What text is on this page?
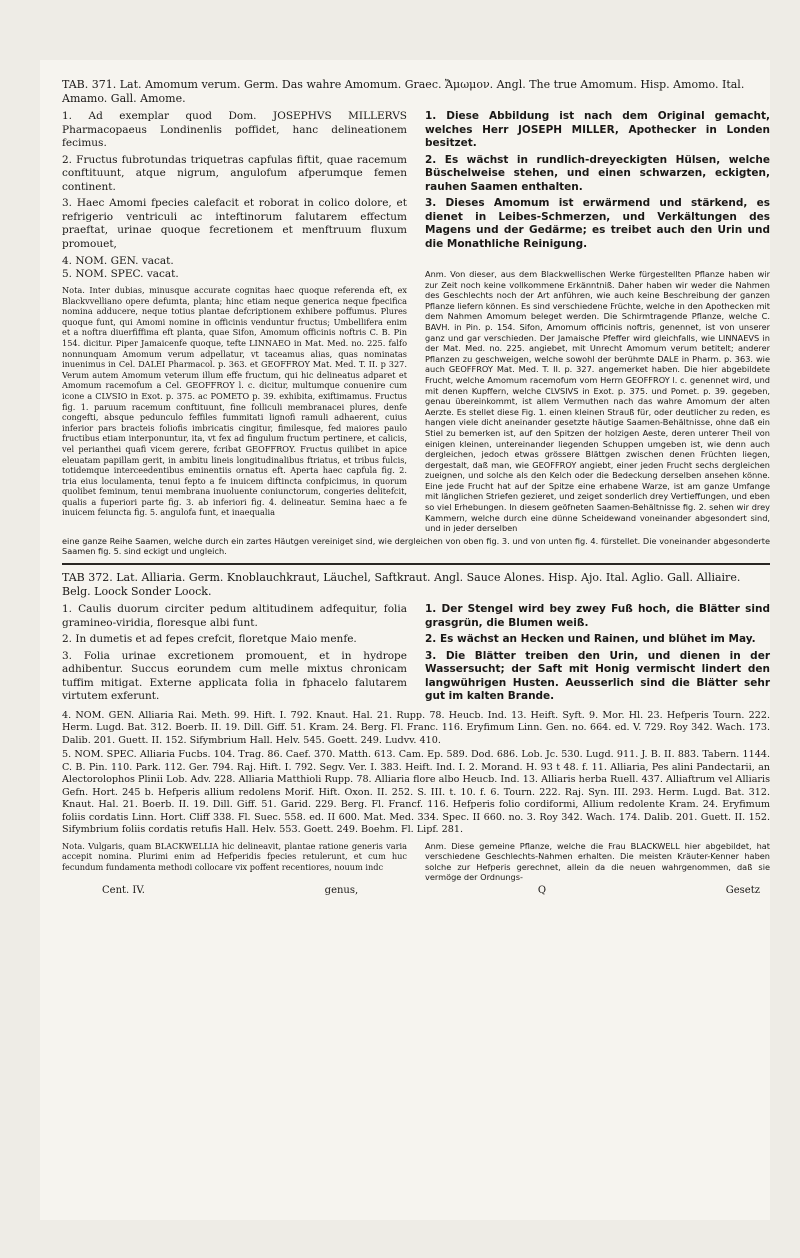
TAB. 371. Lat. Amomum verum. Germ. Das wahre Amomum. Graec. Ἄμωμον. Angl. The true Amomum. Hisp. Amomo. Ital. Amamo. Gall. Amome.

1. Ad exemplar quod Dom. JOSEPHVS MILLERVS Pharmacopaeus Londinenlis poffidet, hanc delineationem fecimus.

2. Fructus fubrotundas triquetras capfulas fiftit, quae racemum conftituunt, atque nigrum, angulofum afperumque femen continent.

3. Haec Amomi fpecies calefacit et roborat in colico dolore, et refrigerio ventriculi ac inteftinorum falutarem effectum praeftat, urinae quoque fecretionem et menftruum fluxum promouet,

4. NOM. GEN. vacat.

5. NOM. SPEC. vacat.

Nota. Inter dubias, minusque accurate cognitas haec quoque referenda eft, ex Blackvvelliano opere defumta, planta; hinc etiam neque generica neque fpecifica nomina adducere, neque totius plantae defcriptionem exhibere poffumus. Plures quoque funt, qui Amomi nomine in officinis venduntur fructus; Umbellifera enim et a noftra diuerfiffima eft planta, quae Sifon, Amomum officinis noftris C. B. Pin 154. dicitur. Piper Jamaicenfe quoque, tefte LINNAEO in Mat. Med. no. 225. falfo nonnunquam Amomum verum adpellatur, vt taceamus alias, quas nominatas inuenimus in Cel. DALEI Pharmacol. p. 363. et GEOFFROY Mat. Med. T. II. p 327. Verum autem Amomum veterum illum effe fructum, qui hic delineatus adparet et Amomum racemofum a Cel. GEOFFROY l. c. dicitur, multumque conuenire cum icone a CLVSIO in Exot. p. 375. ac POMETO p. 39. exhibita, exiftimamus. Fructus fig. 1. paruum racemum conftituunt, fine folliculi membranacei plures, denfe congefti, absque pedunculo feffiles fummitati lignofi ramuli adhaerent, cuius inferior pars bracteis foliofis imbricatis cingitur, fimilesque, fed maiores paulo fructibus etiam interponuntur, ita, vt fex ad fingulum fructum pertinere, et calicis, vel perianthei quafi vicem gerere, fcribat GEOFFROY. Fructus quilibet in apice eleuatam papillam gerit, in ambitu lineis longitudinalibus ftriatus, et tribus fulcis, totidemque interceedentibus eminentiis ornatus eft. Aperta haec capfula fig. 2. tria eius loculamenta, tenui fepto a fe inuicem diftincta confpicimus, in quorum quolibet feminum, tenui membrana inuoluente coniunctorum, congeries delitefcit, qualis a fuperiori parte fig. 3. ab inferiori fig. 4. delineatur. Semina haec a fe inuicem feiuncta fig. 5. angulofa funt, et inaequalia

1. Diese Abbildung ist nach dem Original gemacht, welches Herr JOSEPH MILLER, Apothecker in Londen besitzet.

2. Es wächst in rundlich-dreyeckigten Hülsen, welche Büschelweise stehen, und einen schwarzen, eckigten, rauhen Saamen enthalten.

3. Dieses Amomum ist erwärmend und stärkend, es dienet in Leibes-Schmerzen, und Verkältungen des Magens und der Gedärme; es treibet auch den Urin und die Monathliche Reinigung.

Anm. Von dieser, aus dem Blackwellischen Werke fürgestellten Pflanze haben wir zur Zeit noch keine vollkommene Erkänntniß. Daher haben wir weder die Nahmen des Geschlechts noch der Art anführen, wie auch keine Beschreibung der ganzen Pflanze liefern können. Es sind verschiedene Früchte, welche in den Apothecken mit dem Nahmen Amomum beleget werden. Die Schirmtragende Pflanze, welche C. BAVH. in Pin. p. 154. Sifon, Amomum officinis noftris, genennet, ist von unserer ganz und gar verschieden. Der Jamaische Pfeffer wird gleichfalls, wie LINNAEVS in der Mat. Med. no. 225. angiebet, mit Unrecht Amomum verum betitelt; anderer Pflanzen zu geschweigen, welche sowohl der berühmte DALE in Pharm. p. 363. wie auch GEOFFROY Mat. Med. T. II. p. 327. angemerket haben. Die hier abgebildete Frucht, welche Amomum racemofum vom Herrn GEOFFROY l. c. genennet wird, und mit denen Kupffern, welche CLVSIVS in Exot. p. 375. und Pomet. p. 39. gegeben, genau übereinkommt, ist allem Vermuthen nach das wahre Amomum der alten Aerzte. Es stellet diese Fig. 1. einen kleinen Strauß für, oder deutlicher zu reden, es hangen viele dicht aneinander gesetzte häutige Saamen-Behältnisse, ohne daß ein Stiel zu bemerken ist, auf den Spitzen der holzigen Aeste, deren unterer Theil von einigen kleinen, untereinander liegenden Schuppen umgeben ist, wie denn auch dergleichen, jedoch etwas grössere Blättgen zwischen denen Früchten liegen, dergestalt, daß man, wie GEOFFROY angiebt, einer jeden Frucht sechs dergleichen zueignen, und solche als den Kelch oder die Bedeckung derselben ansehen könne. Eine jede Frucht hat auf der Spitze eine erhabene Warze, ist am ganze Umfange mit länglichen Striefen gezieret, und zeiget sonderlich drey Vertieffungen, und eben so viel Erhebungen. In diesem geöfneten Saamen-Behältnisse fig. 2. sehen wir drey Kammern, welche durch eine dünne Scheidewand voneinander abgesondert sind, und in jeder derselben

eine ganze Reihe Saamen, welche durch ein zartes Häutgen vereiniget sind, wie dergleichen von oben fig. 3. und von unten fig. 4. fürstellet. Die voneinander abgesonderte Saamen fig. 5. sind eckigt und ungleich.

TAB 372. Lat. Alliaria. Germ. Knoblauchkraut, Läuchel, Saftkraut. Angl. Sauce Alones. Hisp. Ajo. Ital. Aglio. Gall. Alliaire. Belg. Loock Sonder Loock.

1. Caulis duorum circiter pedum altitudinem adfequitur, folia gramineo-viridia, floresque albi funt.

2. In dumetis et ad fepes crefcit, floretque Maio menfe.

3. Folia urinae excretionem promouent, et in hydrope adhibentur. Succus eorundem cum melle mixtus chronicam tuffim mitigat. Externe applicata folia in fphacelo falutarem virtutem exferunt.

1. Der Stengel wird bey zwey Fuß hoch, die Blätter sind grasgrün, die Blumen weiß.

2. Es wächst an Hecken und Rainen, und blühet im May.

3. Die Blätter treiben den Urin, und dienen in der Wassersucht; der Saft mit Honig vermischt lindert den langwührigen Husten. Aeusserlich sind die Blätter sehr gut im kalten Brande.

4. NOM. GEN. Alliaria Rai. Meth. 99. Hift. I. 792. Knaut. Hal. 21. Rupp. 78. Heucb. Ind. 13. Heift. Syft. 9. Mor. Hl. 23. Hefperis Tourn. 222. Herm. Lugd. Bat. 312. Boerb. II. 19. Dill. Giff. 51. Kram. 24. Berg. Fl. Franc. 116. Eryfimum Linn. Gen. no. 664. ed. V. 729. Roy 342. Wach. 173. Dalib. 201. Guett. II. 152. Sifymbrium Hall. Helv. 545. Goett. 249. Ludvv. 410.

5. NOM. SPEC. Alliaria Fucbs. 104. Trag. 86. Caef. 370. Matth. 613. Cam. Ep. 589. Dod. 686. Lob. Jc. 530. Lugd. 911. J. B. II. 883. Tabern. 1144. C. B. Pin. 110. Park. 112. Ger. 794. Raj. Hift. I. 792. Segv. Ver. I. 383. Heift. Ind. I. 2. Morand. H. 93 t 48. f. 11. Alliaria, Pes alini Pandectarii, an Alectorolophos Plinii Lob. Adv. 228. Alliaria Matthioli Rupp. 78. Alliaria flore albo Heucb. Ind. 13. Alliaris herba Ruell. 437. Alliaftrum vel Alliaris Gefn. Hort. 245 b. Hefperis allium redolens Morif. Hift. Oxon. II. 252. S. III. t. 10. f. 6. Tourn. 222. Raj. Syn. III. 293. Herm. Lugd. Bat. 312. Knaut. Hal. 21. Boerb. II. 19. Dill. Giff. 51. Garid. 229. Berg. Fl. Francf. 116. Hefperis folio cordiformi, Allium redolente Kram. 24. Eryfimum foliis cordatis Linn. Hort. Cliff 338. Fl. Suec. 558. ed. II 600. Mat. Med. 334. Spec. II 660. no. 3. Roy 342. Wach. 174. Dalib. 201. Guett. II. 152. Sifymbrium foliis cordatis retufis Hall. Helv. 553. Goett. 249. Boehm. Fl. Lipf. 281.

Nota. Vulgaris, quam BLACKWELLIA hic delineavit, plantae ratione generis varia accepit nomina. Plurimi enim ad Hefperidis fpecies retulerunt, et cum huc fecundum fundamenta methodi collocare vix poffent recentiores, nouum indc

Anm. Diese gemeine Pflanze, welche die Frau BLACKWELL hier abgebildet, hat verschiedene Geschlechts-Nahmen erhalten. Die meisten Kräuter-Kenner haben solche zur Hefperis gerechnet, allein da die neuen wahrgenommen, daß sie vermöge der Ordnungs-

Cent. IV.	genus,	Q	Gesetz
